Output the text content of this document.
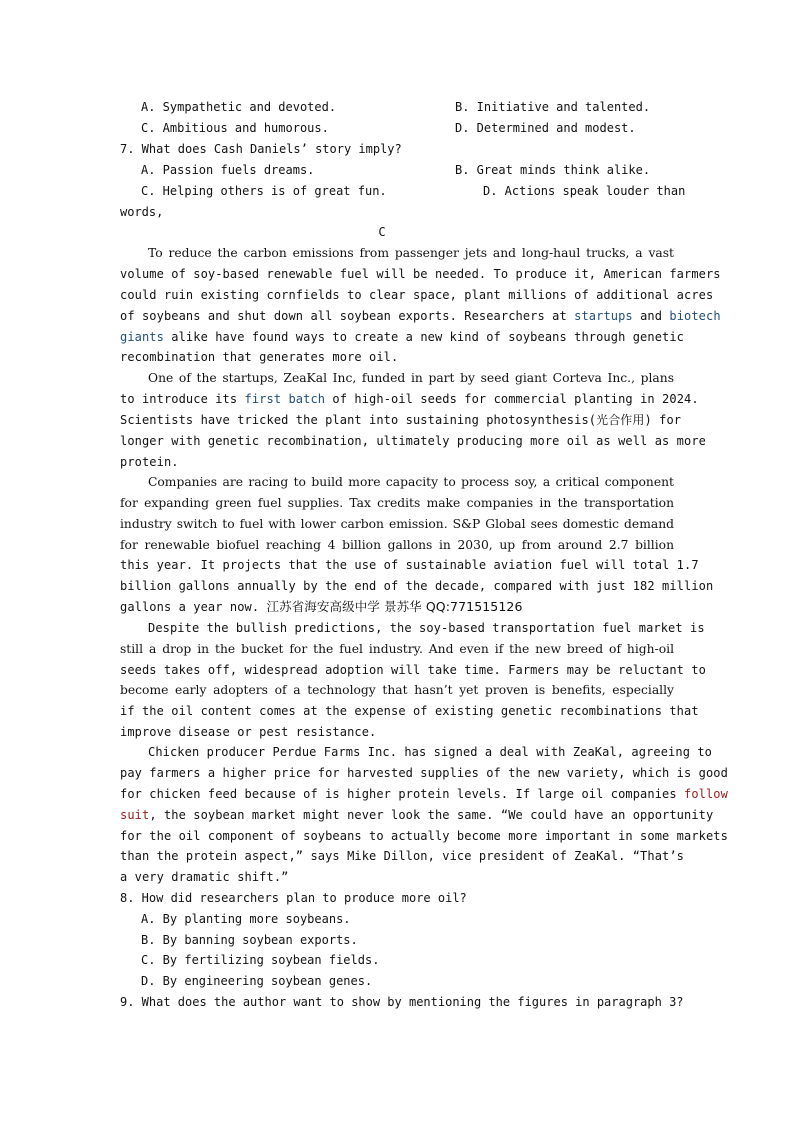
A. Sympathetic and devoted.	B. Initiative and talented.
C. Ambitious and humorous.	D. Determined and modest.
7. What does Cash Daniels’ story imply?
A. Passion fuels dreams.	B. Great minds think alike.
C. Helping others is of great fun.	D. Actions speak louder than
words,
C
To reduce the carbon emissions from passenger jets and long-haul trucks, a vast
volume of soy-based renewable fuel will be needed. To produce it, American farmers
could ruin existing cornfields to clear space, plant millions of additional acres
of soybeans and shut down all soybean exports. Researchers at startups and biotech
giants alike have found ways to create a new kind of soybeans through genetic
recombination that generates more oil.
One of the startups, ZeaKal Inc, funded in part by seed giant Corteva Inc., plans
to introduce its first batch of high-oil seeds for commercial planting in 2024.
Scientists have tricked the plant into sustaining photosynthesis(光合作用) for
longer with genetic recombination, ultimately producing more oil as well as more
protein.
Companies are racing to build more capacity to process soy, a critical component
for expanding green fuel supplies. Tax credits make companies in the transportation
industry switch to fuel with lower carbon emission. S&P Global sees domestic demand
for renewable biofuel reaching 4 billion gallons in 2030, up from around 2.7 billion
this year. It projects that the use of sustainable aviation fuel will total 1.7
billion gallons annually by the end of the decade, compared with just 182 million
gallons a year now. 江苏省海安高级中学 景苏华 QQ:771515126
Despite the bullish predictions, the soy-based transportation fuel market is
still a drop in the bucket for the fuel industry. And even if the new breed of high-oil
seeds takes off, widespread adoption will take time. Farmers may be reluctant to
become early adopters of a technology that hasn’t yet proven is benefits, especially
if the oil content comes at the expense of existing genetic recombinations that
improve disease or pest resistance.
Chicken producer Perdue Farms Inc. has signed a deal with ZeaKal, agreeing to
pay farmers a higher price for harvested supplies of the new variety, which is good
for chicken feed because of is higher protein levels. If large oil companies follow
suit, the soybean market might never look the same. “We could have an opportunity
for the oil component of soybeans to actually become more important in some markets
than the protein aspect,” says Mike Dillon, vice president of ZeaKal. “That’s
a very dramatic shift.”
8. How did researchers plan to produce more oil?
A. By planting more soybeans.
B. By banning soybean exports.
C. By fertilizing soybean fields.
D. By engineering soybean genes.
9. What does the author want to show by mentioning the figures in paragraph 3?
